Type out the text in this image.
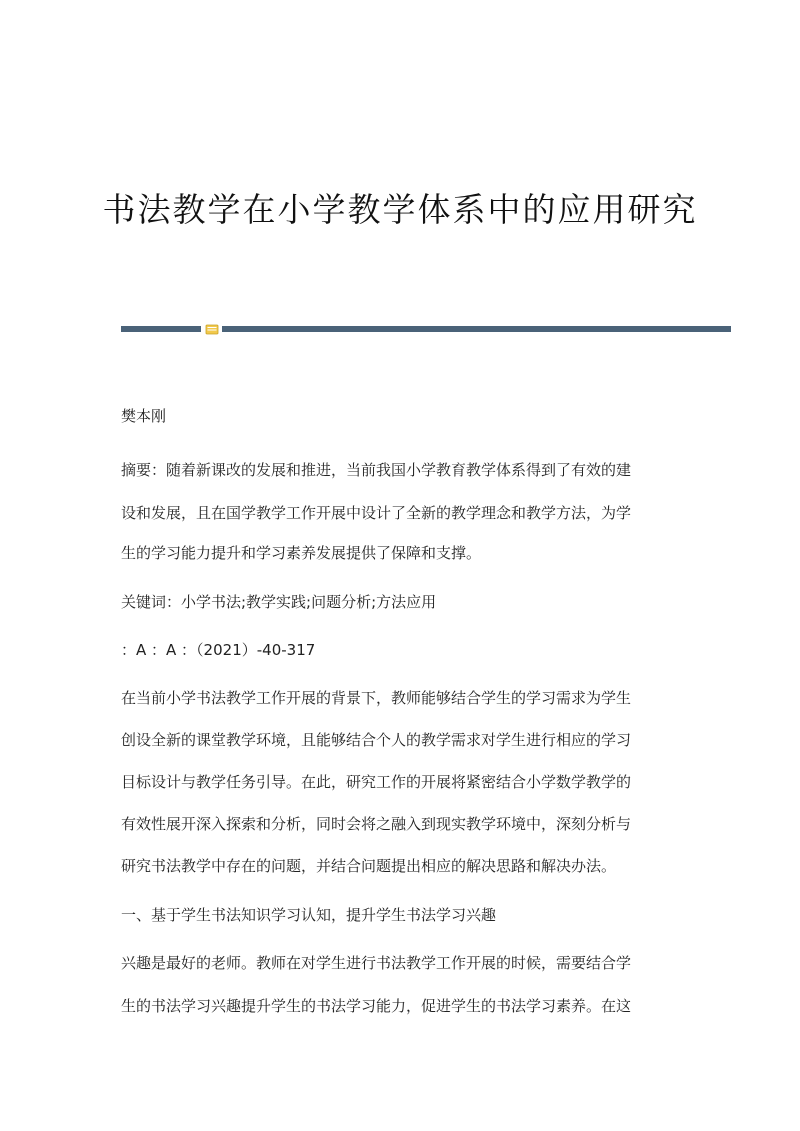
书法教学在小学教学体系中的应用研究
樊本刚
摘要：随着新课改的发展和推进，当前我国小学教育教学体系得到了有效的建
设和发展，且在国学教学工作开展中设计了全新的教学理念和教学方法，为学
生的学习能力提升和学习素养发展提供了保障和支撑。
关键词：小学书法;教学实践;问题分析;方法应用
：A ：A ：（2021）-40-317
在当前小学书法教学工作开展的背景下，教师能够结合学生的学习需求为学生
创设全新的课堂教学环境，且能够结合个人的教学需求对学生进行相应的学习
目标设计与教学任务引导。在此，研究工作的开展将紧密结合小学数学教学的
有效性展开深入探索和分析，同时会将之融入到现实教学环境中，深刻分析与
研究书法教学中存在的问题，并结合问题提出相应的解决思路和解决办法。
一、基于学生书法知识学习认知，提升学生书法学习兴趣
兴趣是最好的老师。教师在对学生进行书法教学工作开展的时候，需要结合学
生的书法学习兴趣提升学生的书法学习能力，促进学生的书法学习素养。在这
